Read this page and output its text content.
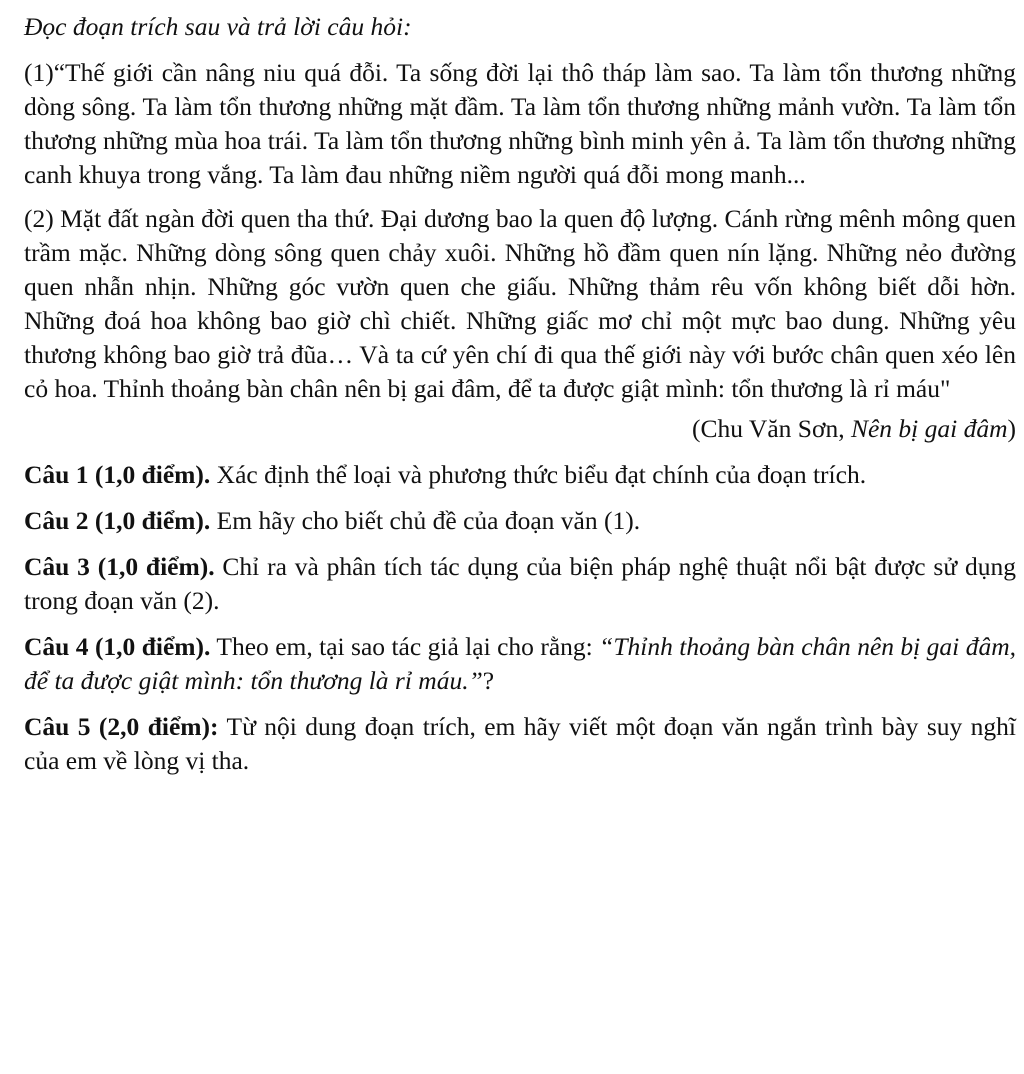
Đọc đoạn trích sau và trả lời câu hỏi:

(1)“Thế giới cần nâng niu quá đỗi. Ta sống đời lại thô tháp làm sao. Ta làm tổn thương những dòng sông. Ta làm tổn thương những mặt đầm. Ta làm tổn thương những mảnh vườn. Ta làm tổn thương những mùa hoa trái. Ta làm tổn thương những bình minh yên ả. Ta làm tổn thương những canh khuya trong vắng. Ta làm đau những niềm người quá đỗi mong manh...

(2) Mặt đất ngàn đời quen tha thứ. Đại dương bao la quen độ lượng. Cánh rừng mênh mông quen trầm mặc. Những dòng sông quen chảy xuôi. Những hồ đầm quen nín lặng. Những nẻo đường quen nhẫn nhịn. Những góc vườn quen che giấu. Những thảm rêu vốn không biết dỗi hờn. Những đoá hoa không bao giờ chì chiết. Những giấc mơ chỉ một mực bao dung. Những yêu thương không bao giờ trả đũa… Và ta cứ yên chí đi qua thế giới này với bước chân quen xéo lên cỏ hoa. Thỉnh thoảng bàn chân nên bị gai đâm, để ta được giật mình: tổn thương là rỉ máu"

(Chu Văn Sơn, Nên bị gai đâm)

Câu 1 (1,0 điểm). Xác định thể loại và phương thức biểu đạt chính của đoạn trích.

Câu 2 (1,0 điểm). Em hãy cho biết chủ đề của đoạn văn (1).

Câu 3 (1,0 điểm). Chỉ ra và phân tích tác dụng của biện pháp nghệ thuật nổi bật được sử dụng trong đoạn văn (2).

Câu 4 (1,0 điểm). Theo em, tại sao tác giả lại cho rằng: “Thỉnh thoảng bàn chân nên bị gai đâm, để ta được giật mình: tổn thương là rỉ máu.”?

Câu 5 (2,0 điểm): Từ nội dung đoạn trích, em hãy viết một đoạn văn ngắn trình bày suy nghĩ của em về lòng vị tha.
